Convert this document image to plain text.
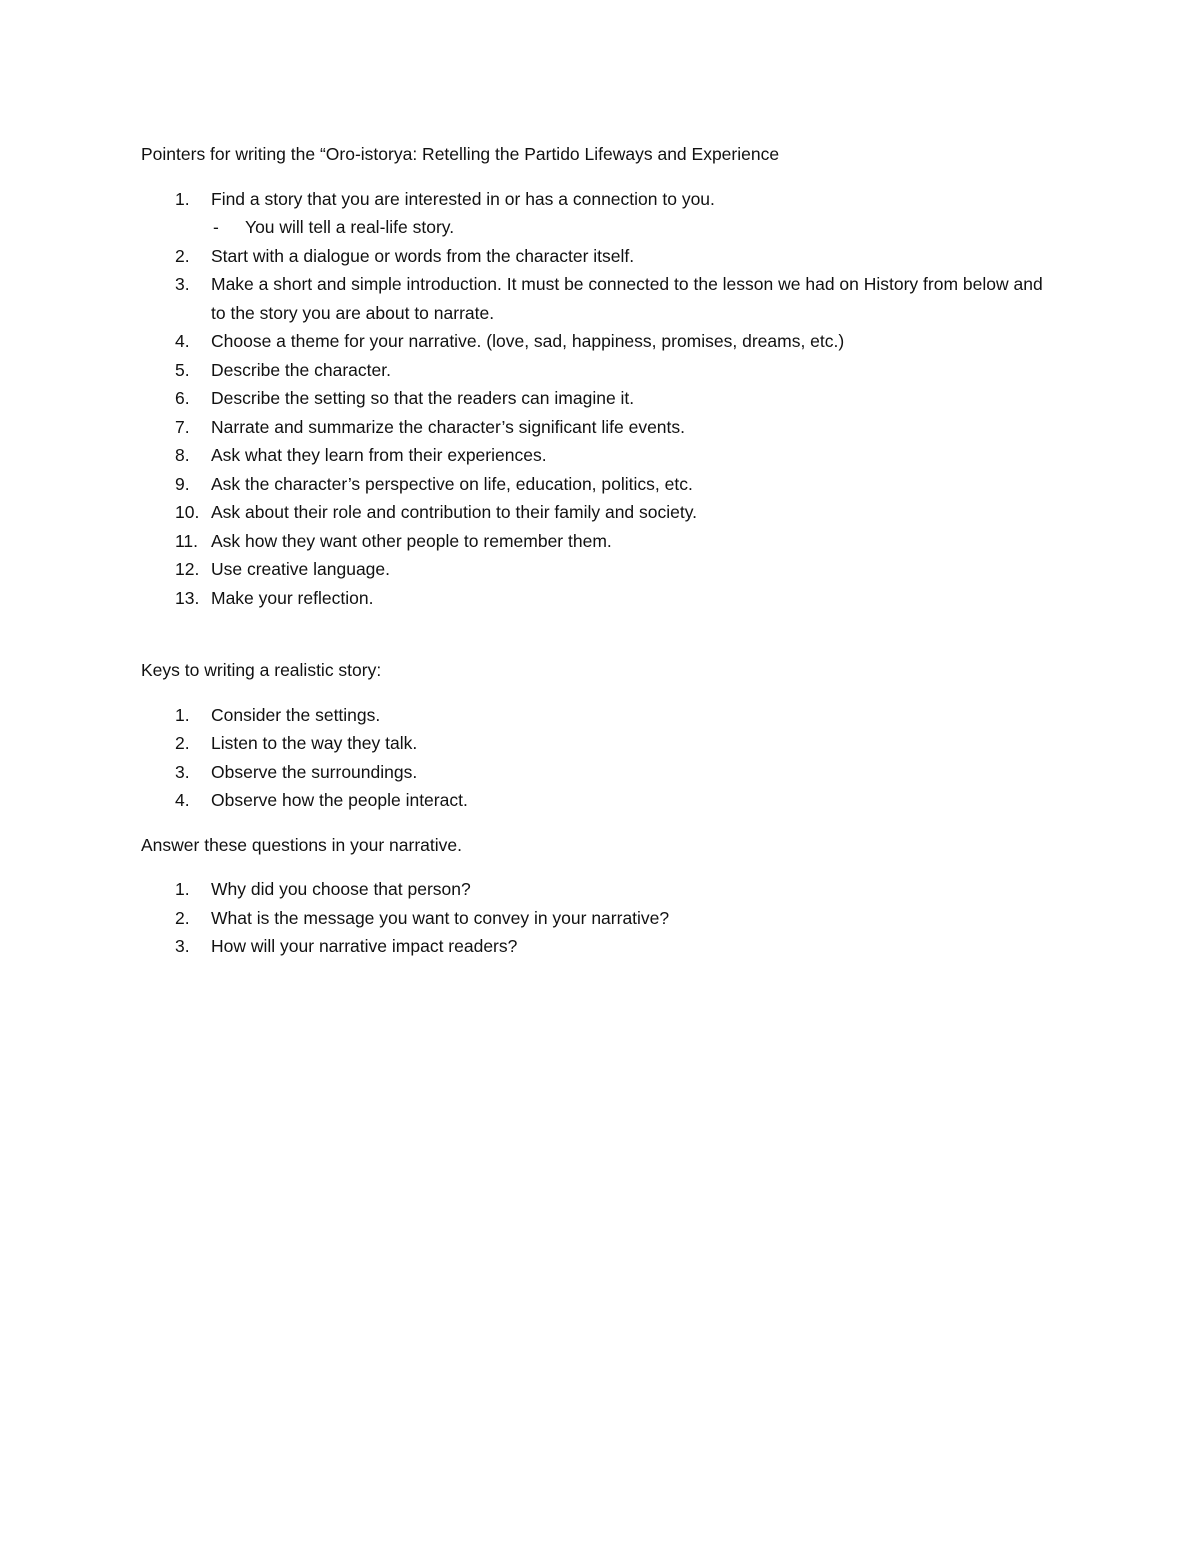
Pointers for writing the “Oro-istorya: Retelling the Partido Lifeways and Experience

1. Find a story that you are interested in or has a connection to you.
- You will tell a real-life story.
2. Start with a dialogue or words from the character itself.
3. Make a short and simple introduction. It must be connected to the lesson we had on History from below and to the story you are about to narrate.
4. Choose a theme for your narrative. (love, sad, happiness, promises, dreams, etc.)
5. Describe the character.
6. Describe the setting so that the readers can imagine it.
7. Narrate and summarize the character’s significant life events.
8. Ask what they learn from their experiences.
9. Ask the character’s perspective on life, education, politics, etc.
10. Ask about their role and contribution to their family and society.
11. Ask how they want other people to remember them.
12. Use creative language.
13. Make your reflection.

Keys to writing a realistic story:

1. Consider the settings.
2. Listen to the way they talk.
3. Observe the surroundings.
4. Observe how the people interact.

Answer these questions in your narrative.

1. Why did you choose that person?
2. What is the message you want to convey in your narrative?
3. How will your narrative impact readers?
